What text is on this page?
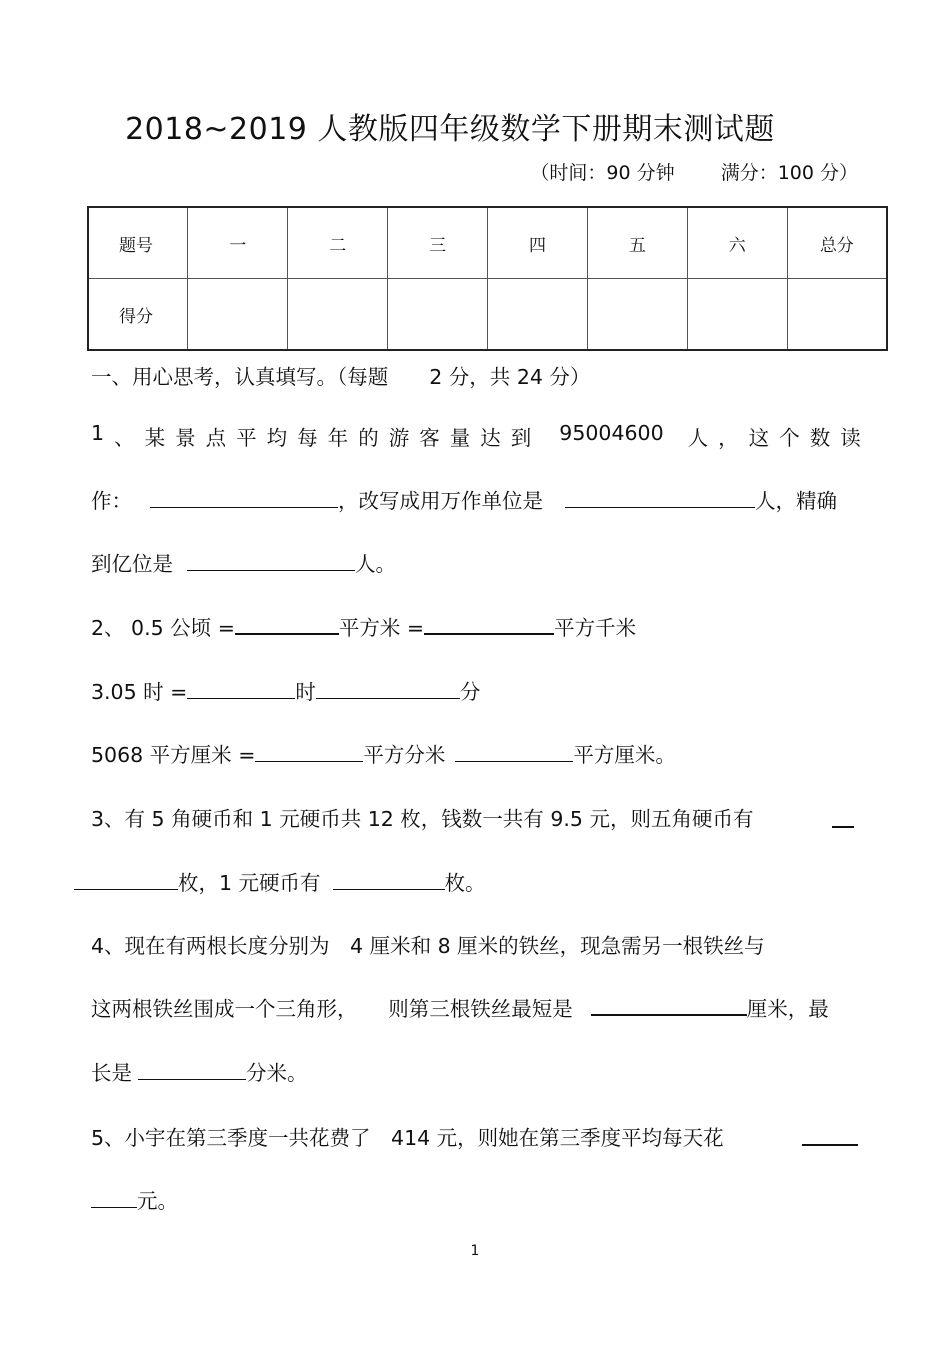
2018~2019 人教版四年级数学下册期末测试题
（时间：90 分钟 满分：100 分）
题号	一	二	三	四	五	六	总分
得分							
一、用心思考，认真填写。（每题　　2 分，共 24 分）
1 、 某 景 点 平 均 每 年 的 游 客 量 达 到 95004600 人 ， 这 个 数 读
作：	，改写成用万作单位是	人，精确
到亿位是	人。
2、 0.5 公顷 =	平方米 =	平方千米
3.05 时 =	时	分
5068 平方厘米 =	平方分米	平方厘米。
3、有 5 角硬币和 1 元硬币共 12 枚，钱数一共有 9.5 元，则五角硬币有
枚，1 元硬币有	枚。
4、现在有两根长度分别为　4 厘米和 8 厘米的铁丝，现急需另一根铁丝与
这两根铁丝围成一个三角形，　　则第三根铁丝最短是	厘米，最
长是	分米。
5、小宇在第三季度一共花费了　414 元，则她在第三季度平均每天花
元。
1
